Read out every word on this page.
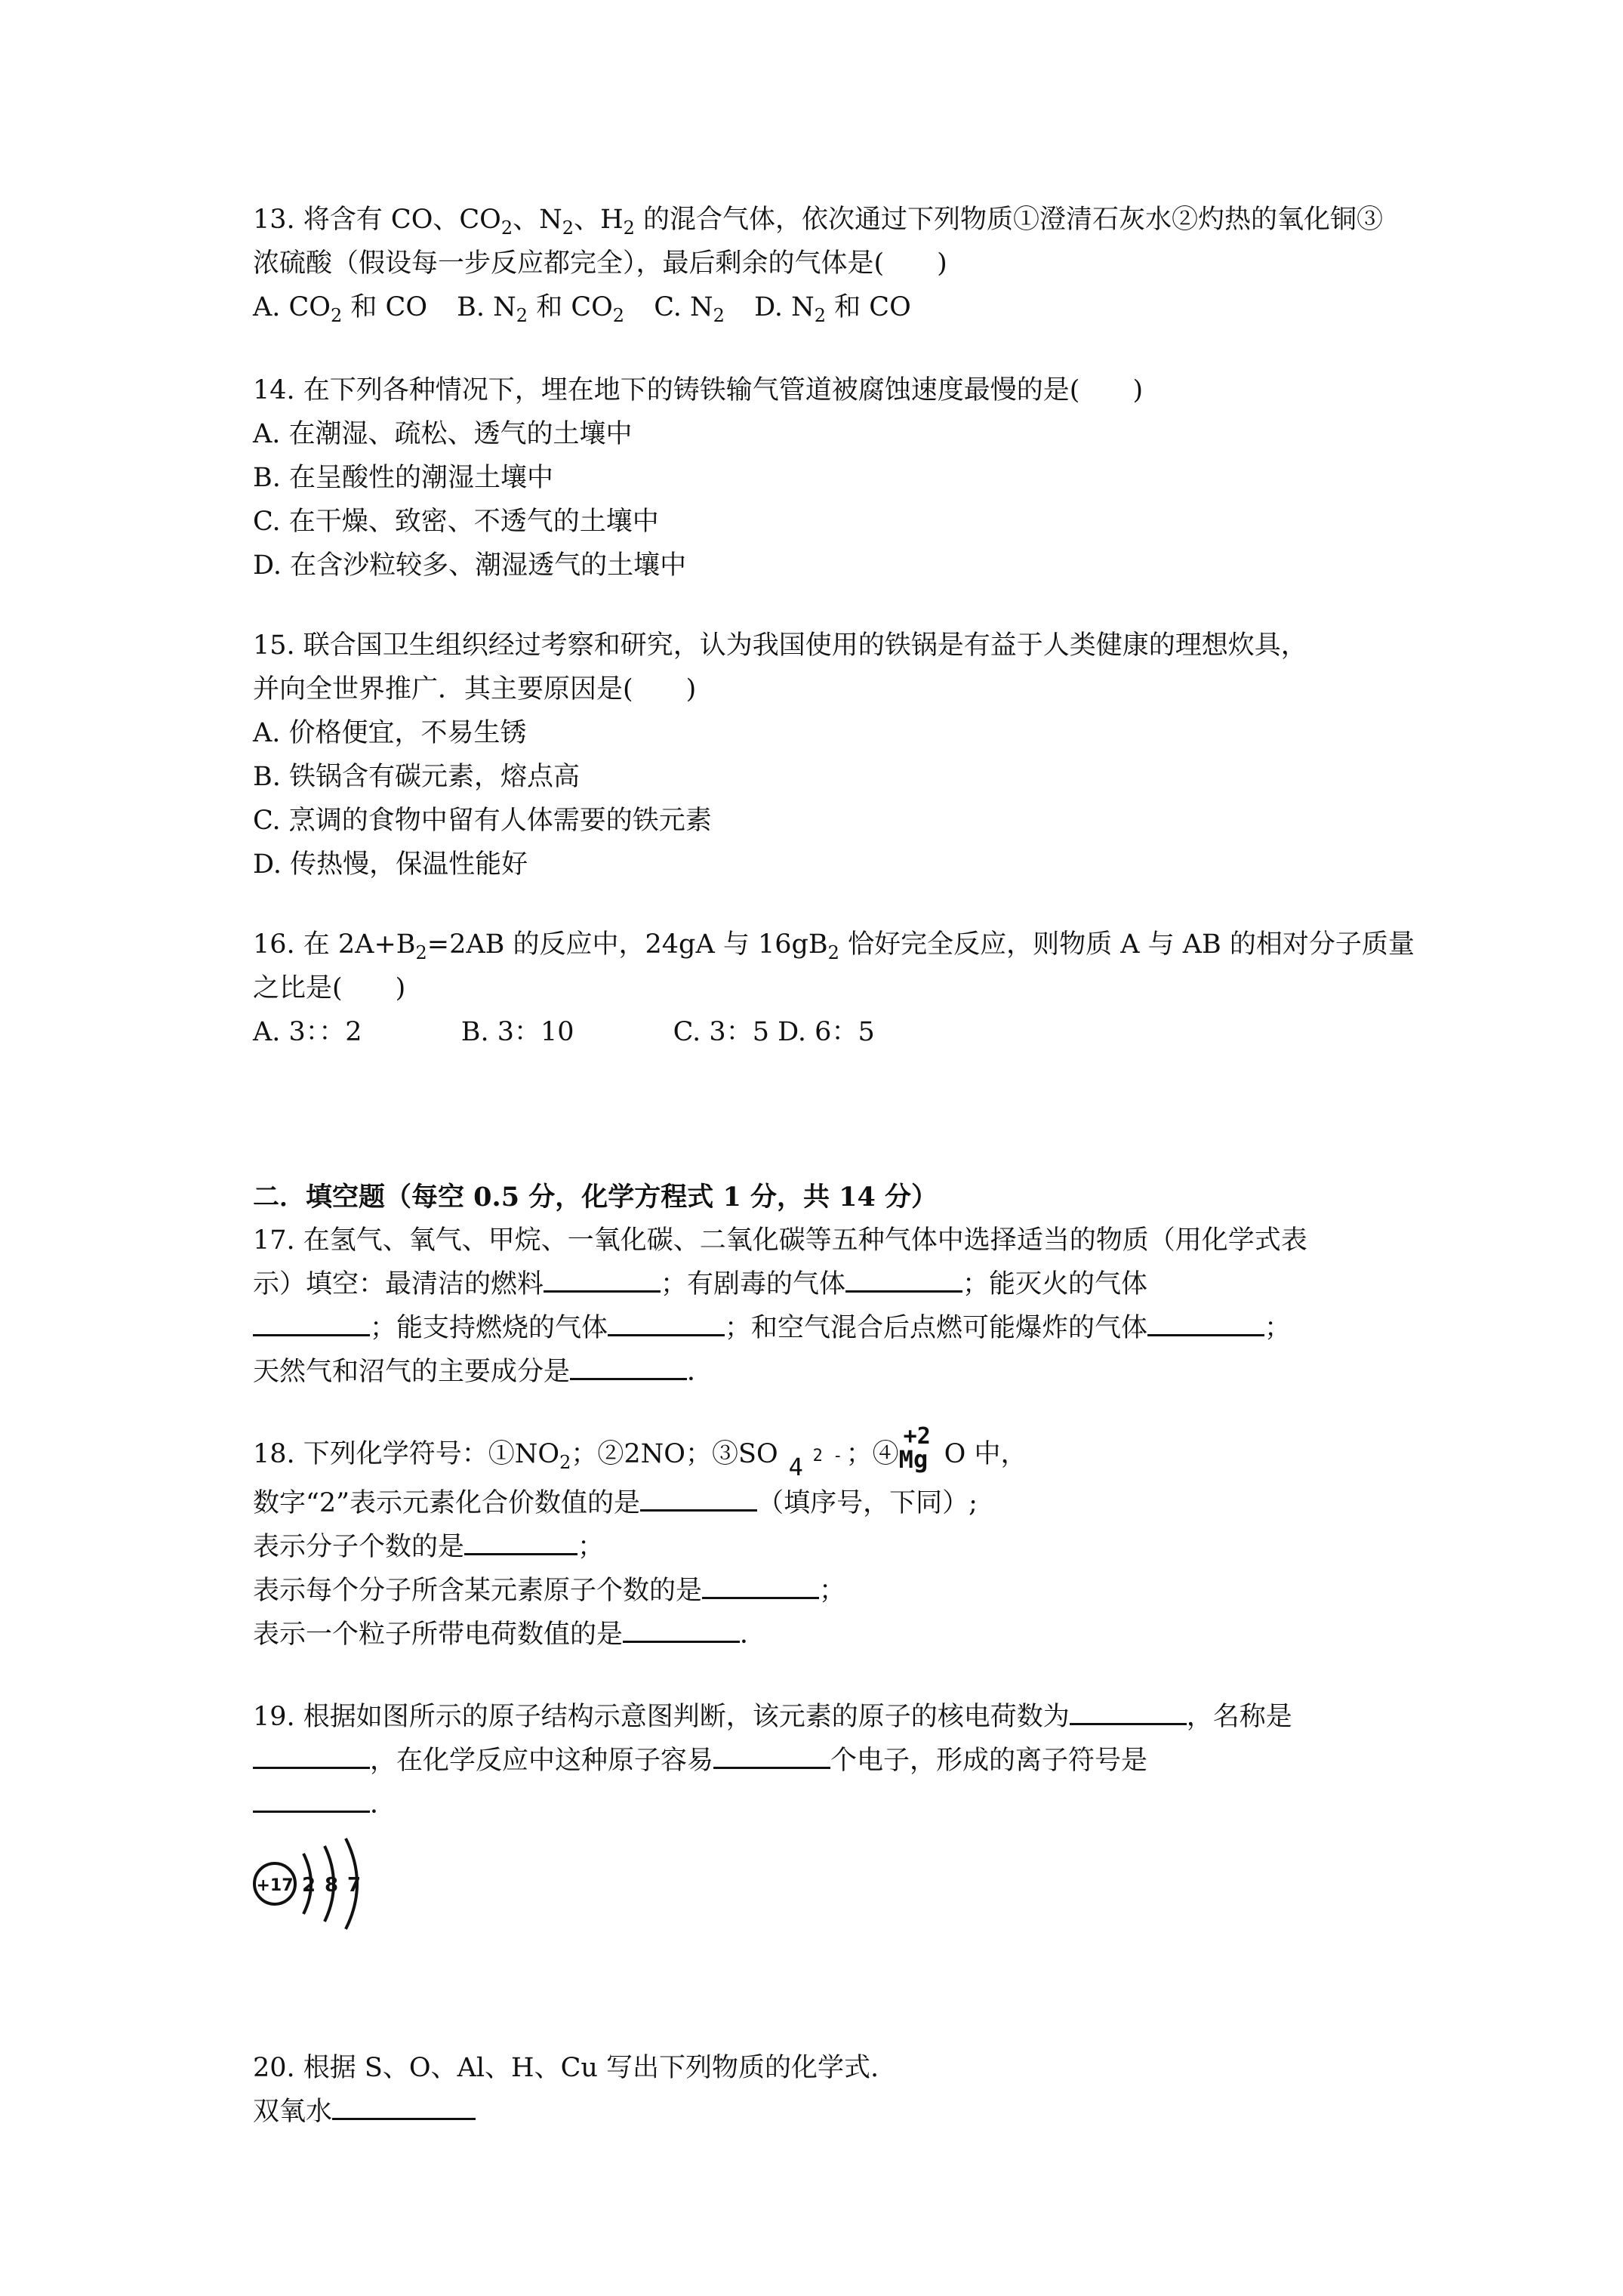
13. 将含有 CO、$CO_2$、$N_2$、$H_2$ 的混合气体，依次通过下列物质①澄清石灰水②灼热的氧化铜③
浓硫酸（假设每一步反应都完全），最后剩余的气体是(　　)
A. $CO_2$ 和 CO B. $N_2$ 和 $CO_2$ C. $N_2$ D. $N_2$ 和 CO
14. 在下列各种情况下，埋在地下的铸铁输气管道被腐蚀速度最慢的是(　　)
A. 在潮湿、疏松、透气的土壤中
B. 在呈酸性的潮湿土壤中
C. 在干燥、致密、不透气的土壤中
D. 在含沙粒较多、潮湿透气的土壤中
15. 联合国卫生组织经过考察和研究，认为我国使用的铁锅是有益于人类健康的理想炊具，
并向全世界推广．其主要原因是(　　)
A. 价格便宜，不易生锈
B. 铁锅含有碳元素，熔点高
C. 烹调的食物中留有人体需要的铁元素
D. 传热慢，保温性能好
16. 在 $2A+B_2=2AB$ 的反应中，24gA 与 $16gB_2$ 恰好完全反应，则物质 A 与 AB 的相对分子质量
之比是(　　)
A. 3：：2	B. 3：10	C. 3：5 D. 6：5
二．填空题（每空 0.5 分，化学方程式 1 分，共 14 分）
17. 在氢气、氧气、甲烷、一氧化碳、二氧化碳等五种气体中选择适当的物质（用化学式表
示）填空：最清洁的燃料	；有剧毒的气体	；能灭火的气体
；能支持燃烧的气体	；和空气混合后点燃可能爆炸的气体	；
天然气和沼气的主要成分是	．
18. 下列化学符号：$①NO_2$；②2NO；③SO 4 2 - ；④
+2
Mg O 中，
数字“2”表示元素化合价数值的是	（填序号，下同）;
表示分子个数的是	；
表示每个分子所含某元素原子个数的是	；
表示一个粒子所带电荷数值的是	．
19. 根据如图所示的原子结构示意图判断，该元素的原子的核电荷数为	，名称是
，在化学反应中这种原子容易	个电子，形成的离子符号是
．
+17 2 8 7
20. 根据 S、O、Al、H、Cu 写出下列物质的化学式.
双氧水
